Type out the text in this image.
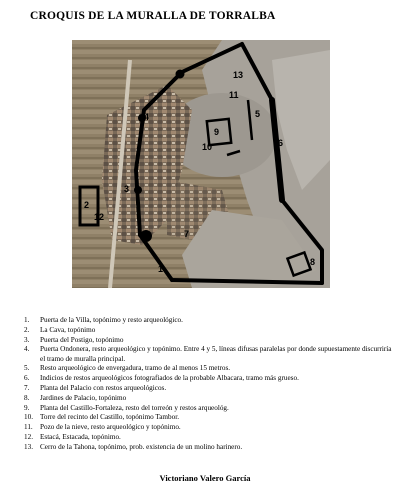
CROQUIS DE LA MURALLA DE TORRALBA
1
2
3
4	5
6
8
9
10
11
13
7
12
1.	Puerta de la Villa, topónimo y resto arqueológico.
2.	La Cava, topónimo
3.	Puerta del Postigo, topónimo
4.	Puerta Ondonera, resto arqueológico y topónimo. Entre 4 y 5, líneas difusas paralelas por donde supuestamente discurriría el tramo de muralla principal.
5.	Resto arqueológico de envergadura, tramo de al menos 15 metros.
6.	Indicios de restos arqueológicos fotografiados de la probable Albacara, tramo más grueso.
7.	Planta del Palacio con restos arqueológicos.
8.	Jardines de Palacio, topónimo
9.	Planta del Castillo-Fortaleza, resto del torreón y restos arqueológ.
10. Torre del recinto del Castillo, topónimo Tambor.
11.	Pozo de la nieve, resto arqueológico y topónimo.
12. Estacá, Estacada, topónimo.
13. Cerro de la Tahona, topónimo, prob. existencia de un molino harinero.
Victoriano Valero García
